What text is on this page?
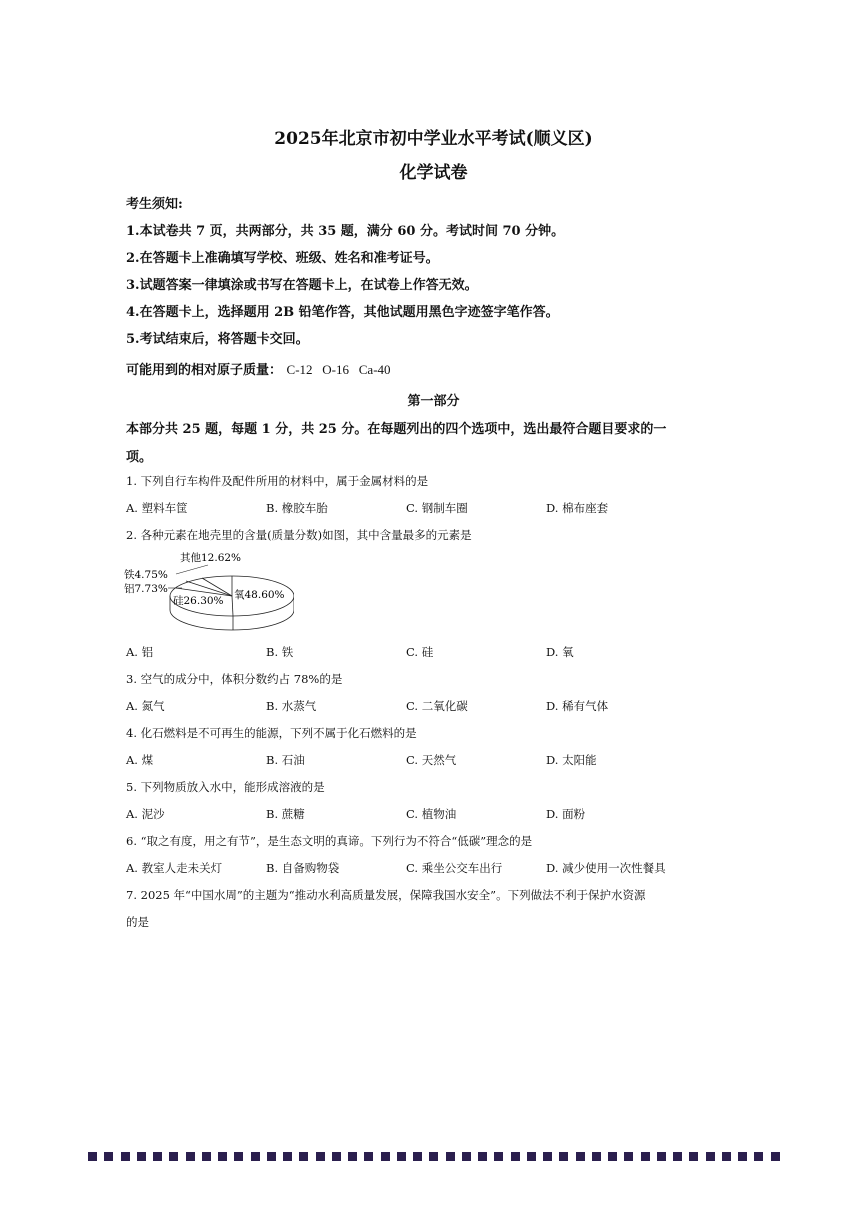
2025年北京市初中学业水平考试(顺义区)
化学试卷
考生须知:
1.本试卷共 7 页，共两部分，共 35 题，满分 60 分。考试时间 70 分钟。
2.在答题卡上准确填写学校、班级、姓名和准考证号。
3.试题答案一律填涂或书写在答题卡上，在试卷上作答无效。
4.在答题卡上，选择题用 2B 铅笔作答，其他试题用黑色字迹签字笔作答。
5.考试结束后，将答题卡交回。
可能用到的相对原子质量： C-12   O-16   Ca-40
第一部分
本部分共 25 题，每题 1 分，共 25 分。在每题列出的四个选项中，选出最符合题目要求的一
项。
1. 下列自行车构件及配件所用的材料中，属于金属材料的是
A. 塑料车筐	B. 橡胶车胎	C. 钢制车圈	D. 棉布座套
2. 各种元素在地壳里的含量(质量分数)如图，其中含量最多的元素是
其他12.62%
铁4.75%
铝7.73%
硅26.30% 氧48.60%
A. 铝	B. 铁	C. 硅	D. 氧
3. 空气的成分中，体积分数约占 78%的是
A. 氮气	B. 水蒸气	C. 二氧化碳	D. 稀有气体
4. 化石燃料是不可再生的能源，下列不属于化石燃料的是
A. 煤	B. 石油	C. 天然气	D. 太阳能
5. 下列物质放入水中，能形成溶液的是
A. 泥沙	B. 蔗糖	C. 植物油	D. 面粉
6. “取之有度，用之有节”，是生态文明的真谛。下列行为不符合“低碳”理念的是
A. 教室人走未关灯	B. 自备购物袋	C. 乘坐公交车出行	D. 减少使用一次性餐具
7. 2025 年“中国水周”的主题为“推动水利高质量发展，保障我国水安全”。下列做法不利于保护水资源
的是
